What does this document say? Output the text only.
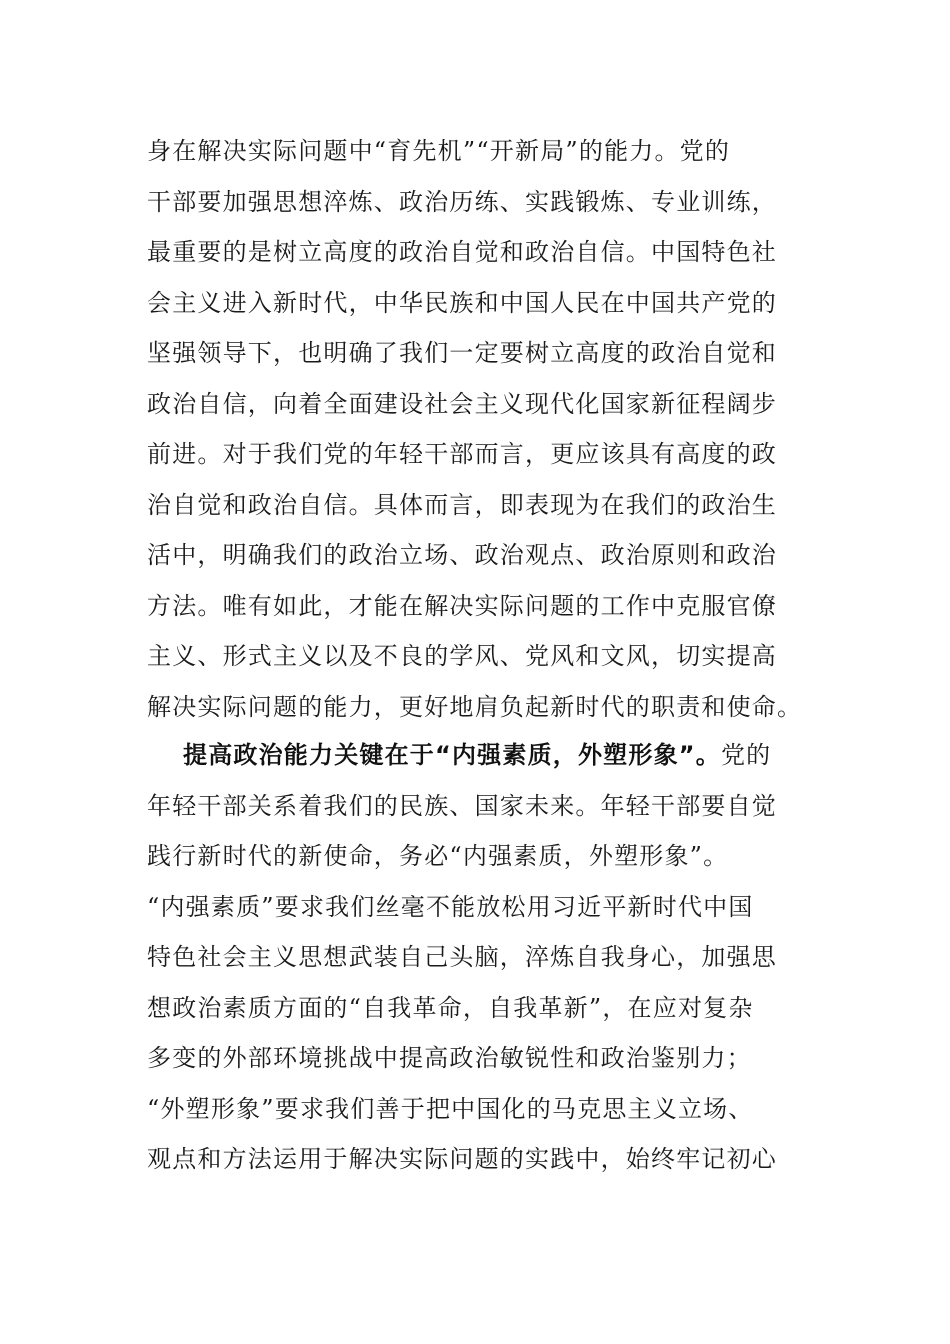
身在解决实际问题中“育先机”“开新局”的能力。党的
干部要加强思想淬炼、政治历练、实践锻炼、专业训练，
最重要的是树立高度的政治自觉和政治自信。中国特色社
会主义进入新时代，中华民族和中国人民在中国共产党的
坚强领导下，也明确了我们一定要树立高度的政治自觉和
政治自信，向着全面建设社会主义现代化国家新征程阔步
前进。对于我们党的年轻干部而言，更应该具有高度的政
治自觉和政治自信。具体而言，即表现为在我们的政治生
活中，明确我们的政治立场、政治观点、政治原则和政治
方法。唯有如此，才能在解决实际问题的工作中克服官僚
主义、形式主义以及不良的学风、党风和文风，切实提高
解决实际问题的能力，更好地肩负起新时代的职责和使命。
提高政治能力关键在于“内强素质，外塑形象”。党的
年轻干部关系着我们的民族、国家未来。年轻干部要自觉
践行新时代的新使命，务必“内强素质，外塑形象”。
“内强素质”要求我们丝毫不能放松用习近平新时代中国
特色社会主义思想武装自己头脑，淬炼自我身心，加强思
想政治素质方面的“自我革命，自我革新”，在应对复杂
多变的外部环境挑战中提高政治敏锐性和政治鉴别力；
“外塑形象”要求我们善于把中国化的马克思主义立场、
观点和方法运用于解决实际问题的实践中，始终牢记初心
